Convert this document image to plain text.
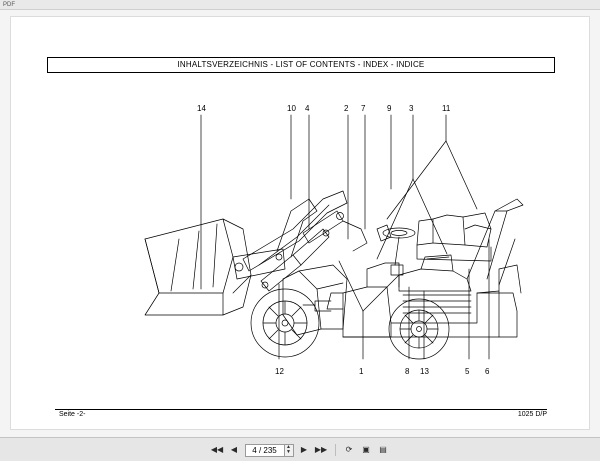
PDF
INHALTSVERZEICHNIS - LIST OF CONTENTS - INDEX - INDICE
14	10 4	2 7	9 3	11
12	1	8 13	5 6
Seite -2-	1025 D/P
◀◀ ◀	4 / 235	▲
▼	▶ ▶▶	⟳	▣	▤
